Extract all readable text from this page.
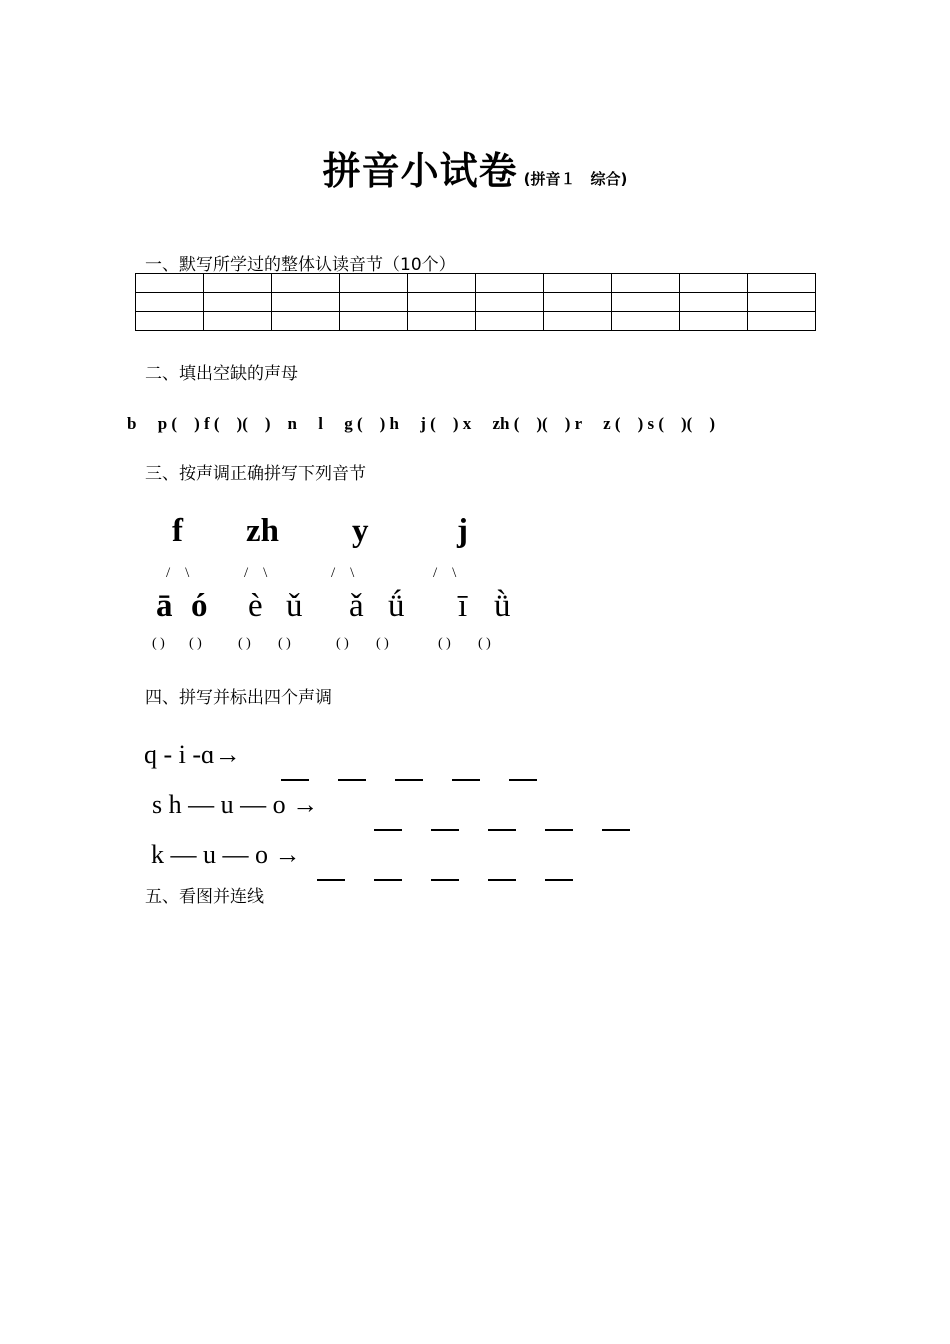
拼音小试卷 (拼音１　综合)
一、默写所学过的整体认读音节（10个）

二、填出空缺的声母
b　 p (　) f (　)(　)　n　 l　 g (　) h　 j (　) x　 zh (　)(　) r　 z (　) s (　)(　)
三、按声调正确拼写下列音节
f
/　\
ā ó
( ) ( )
zh
/　\
è ǔ
( ) ( )
y
/　\
ǎ ǘ
( ) ( )
j
/　\
ī ǜ
( ) ( )
四、拼写并标出四个声调
q - i -ɑ→
s h — u — o →
k — u — o →
五、看图并连线
